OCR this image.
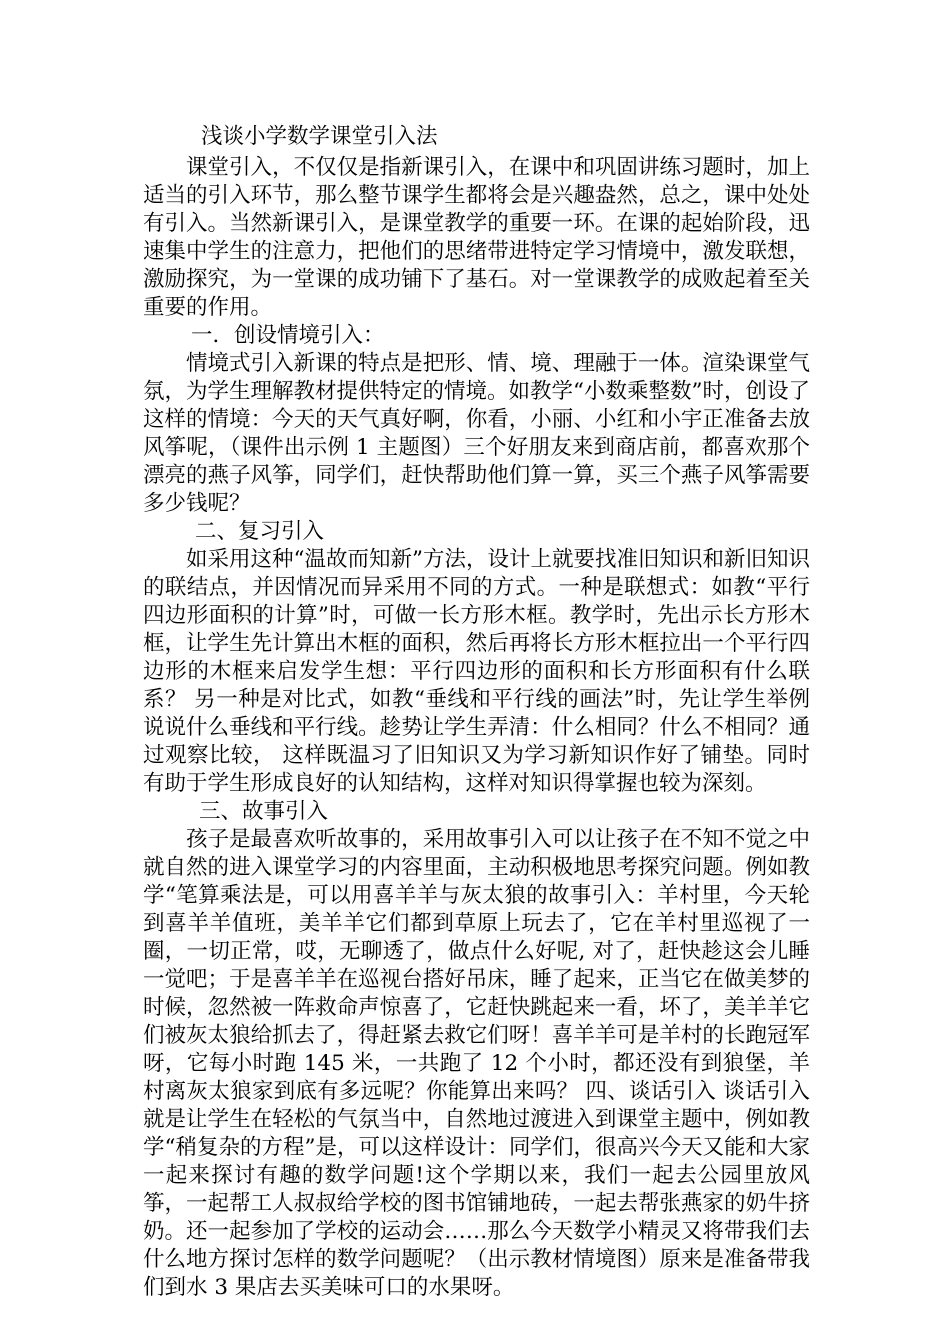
浅谈小学数学课堂引入法

课堂引入，不仅仅是指新课引入，在课中和巩固讲练习题时，加上适当的引入环节，那么整节课学生都将会是兴趣盎然，总之，课中处处有引入。当然新课引入，是课堂教学的重要一环。在课的起始阶段，迅速集中学生的注意力，把他们的思绪带进特定学习情境中，激发联想，激励探究，为一堂课的成功铺下了基石。对一堂课教学的成败起着至关重要的作用。

一．创设情境引入：

情境式引入新课的特点是把形、情、境、理融于一体。渲染课堂气氛，为学生理解教材提供特定的情境。如教学“小数乘整数”时，创设了这样的情境：今天的天气真好啊，你看，小丽、小红和小宇正准备去放风筝呢，（课件出示例 1 主题图）三个好朋友来到商店前，都喜欢那个漂亮的燕子风筝，同学们，赶快帮助他们算一算，买三个燕子风筝需要多少钱呢？

二、复习引入

如采用这种“温故而知新”方法，设计上就要找准旧知识和新旧知识的联结点，并因情况而异采用不同的方式。一种是联想式：如教“平行四边形面积的计算”时，可做一长方形木框。教学时，先出示长方形木框，让学生先计算出木框的面积，然后再将长方形木框拉出一个平行四边形的木框来启发学生想：平行四边形的面积和长方形面积有什么联系？ 另一种是对比式，如教“垂线和平行线的画法”时，先让学生举例说说什么垂线和平行线。趁势让学生弄清：什么相同？什么不相同？通过观察比较， 这样既温习了旧知识又为学习新知识作好了铺垫。同时有助于学生形成良好的认知结构，这样对知识得掌握也较为深刻。

三、故事引入

孩子是最喜欢听故事的，采用故事引入可以让孩子在不知不觉之中就自然的进入课堂学习的内容里面，主动积极地思考探究问题。例如教学“笔算乘法是，可以用喜羊羊与灰太狼的故事引入：羊村里，今天轮到喜羊羊值班，美羊羊它们都到草原上玩去了，它在羊村里巡视了一圈，一切正常，哎，无聊透了，做点什么好呢, 对了，赶快趁这会儿睡一觉吧；于是喜羊羊在巡视台搭好吊床，睡了起来，正当它在做美梦的时候，忽然被一阵救命声惊喜了，它赶快跳起来一看，坏了，美羊羊它们被灰太狼给抓去了，得赶紧去救它们呀！喜羊羊可是羊村的长跑冠军呀，它每小时跑 145 米，一共跑了 12 个小时，都还没有到狼堡，羊村离灰太狼家到底有多远呢？你能算出来吗？ 四、谈话引入 谈话引入就是让学生在轻松的气氛当中，自然地过渡进入到课堂主题中，例如教学“稍复杂的方程”是，可以这样设计：同学们，很高兴今天又能和大家一起来探讨有趣的数学问题!这个学期以来，我们一起去公园里放风筝，一起帮工人叔叔给学校的图书馆铺地砖，一起去帮张燕家的奶牛挤奶。还一起参加了学校的运动会……那么今天数学小精灵又将带我们去什么地方探讨怎样的数学问题呢？（出示教材情境图）原来是准备带我们到水 3 果店去买美味可口的水果呀。
